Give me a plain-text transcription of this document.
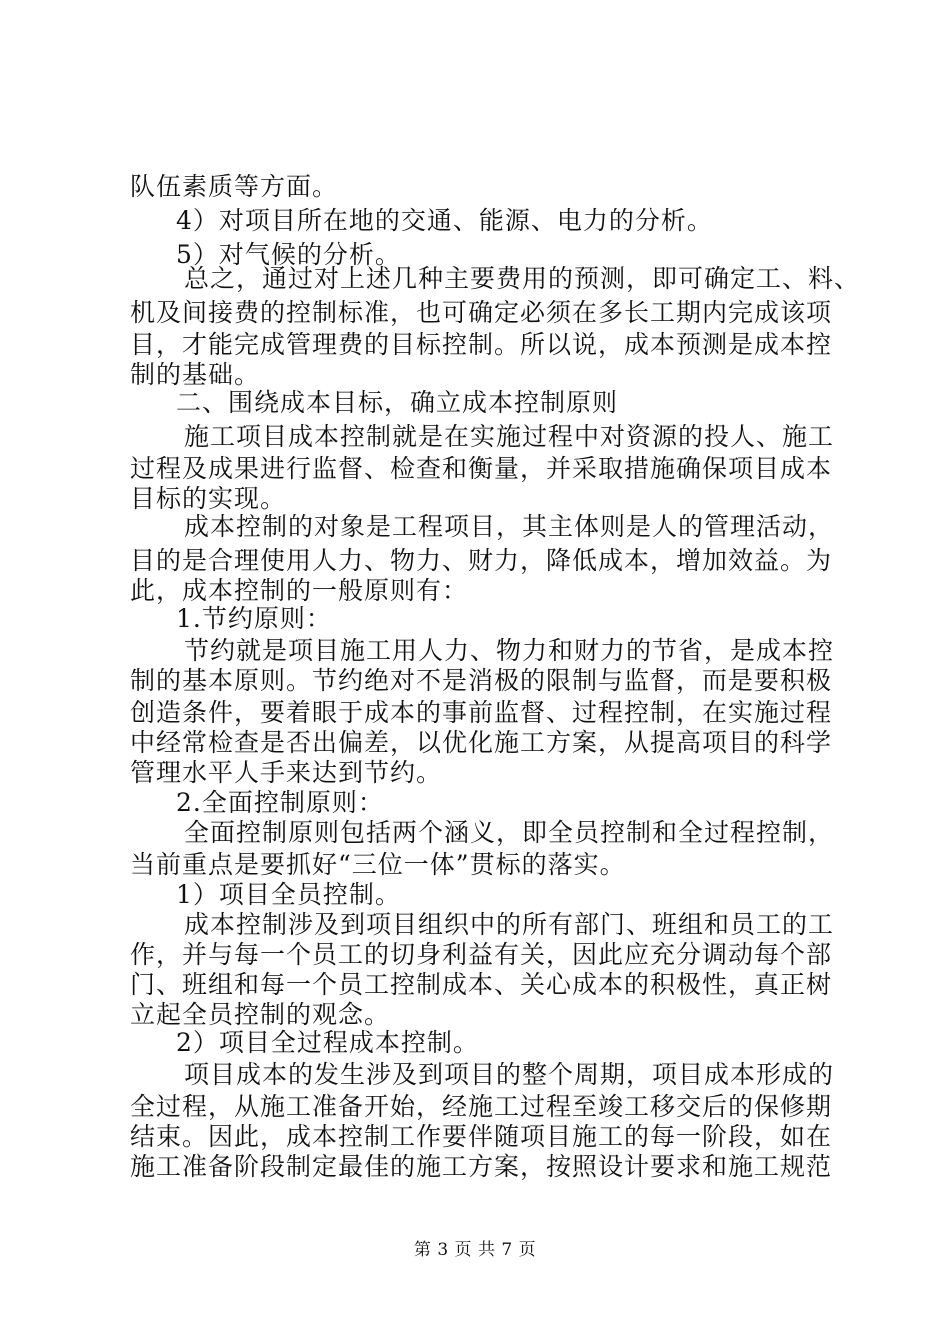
队伍素质等方面。
4）对项目所在地的交通、能源、电力的分析。
5）对气候的分析。
总之，通过对上述几种主要费用的预测，即可确定工、料、
机及间接费的控制标准，也可确定必须在多长工期内完成该项
目，才能完成管理费的目标控制。所以说，成本预测是成本控
制的基础。
二、围绕成本目标，确立成本控制原则
施工项目成本控制就是在实施过程中对资源的投人、施工
过程及成果进行监督、检查和衡量，并采取措施确保项目成本
目标的实现。
成本控制的对象是工程项目，其主体则是人的管理活动，
目的是合理使用人力、物力、财力，降低成本，增加效益。为
此，成本控制的一般原则有：
1.节约原则：
节约就是项目施工用人力、物力和财力的节省，是成本控
制的基本原则。节约绝对不是消极的限制与监督，而是要积极
创造条件，要着眼于成本的事前监督、过程控制，在实施过程
中经常检查是否出偏差，以优化施工方案，从提高项目的科学
管理水平人手来达到节约。
2.全面控制原则：
全面控制原则包括两个涵义，即全员控制和全过程控制，
当前重点是要抓好“三位一体”贯标的落实。
1）项目全员控制。
成本控制涉及到项目组织中的所有部门、班组和员工的工
作，并与每一个员工的切身利益有关，因此应充分调动每个部
门、班组和每一个员工控制成本、关心成本的积极性，真正树
立起全员控制的观念。
2）项目全过程成本控制。
项目成本的发生涉及到项目的整个周期，项目成本形成的
全过程，从施工准备开始，经施工过程至竣工移交后的保修期
结束。因此，成本控制工作要伴随项目施工的每一阶段，如在
施工准备阶段制定最佳的施工方案，按照设计要求和施工规范
第 3 页 共 7 页
